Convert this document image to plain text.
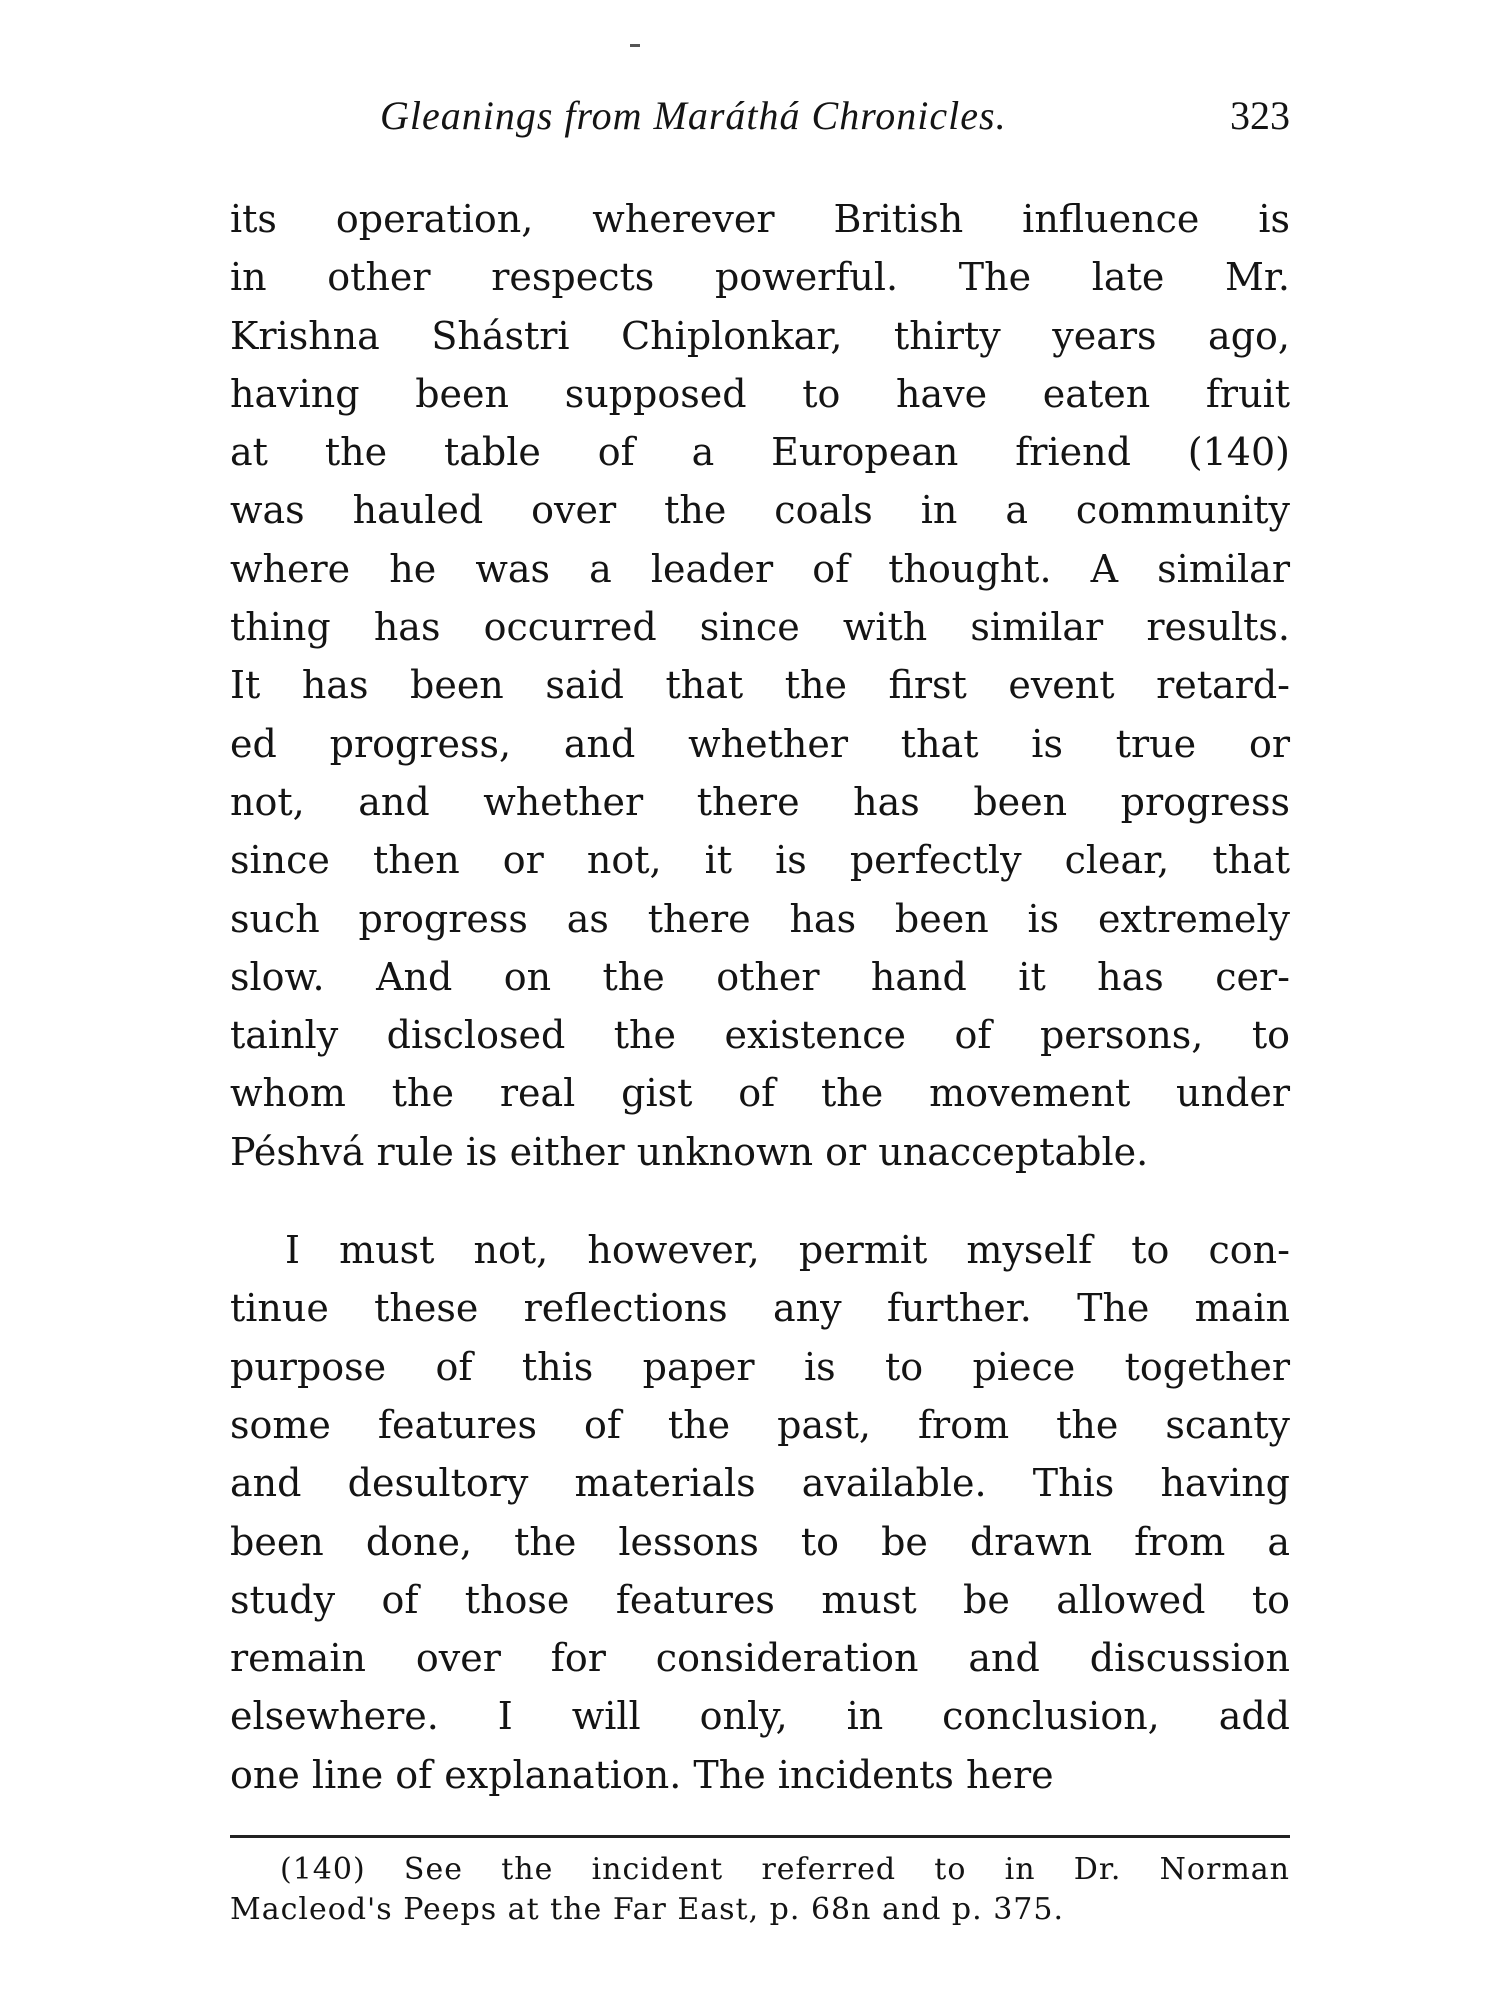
Gleanings from Maráthá Chronicles.	323
its operation, wherever British influence is
in other respects powerful. The late Mr.
Krishna Shástri Chiplonkar, thirty years ago,
having been supposed to have eaten fruit
at the table of a European friend (140)
was hauled over the coals in a community
where he was a leader of thought. A similar
thing has occurred since with similar results.
It has been said that the first event retard-
ed progress, and whether that is true or
not, and whether there has been progress
since then or not, it is perfectly clear, that
such progress as there has been is extremely
slow. And on the other hand it has cer-
tainly disclosed the existence of persons, to
whom the real gist of the movement under
Péshvá rule is either unknown or unacceptable.
I must not, however, permit myself to con-
tinue these reflections any further. The main
purpose of this paper is to piece together
some features of the past, from the scanty
and desultory materials available. This having
been done, the lessons to be drawn from a
study of those features must be allowed to
remain over for consideration and discussion
elsewhere. I will only, in conclusion, add
one line of explanation. The incidents here
(140) See the incident referred to in Dr. Norman
Macleod's Peeps at the Far East, p. 68n and p. 375.
